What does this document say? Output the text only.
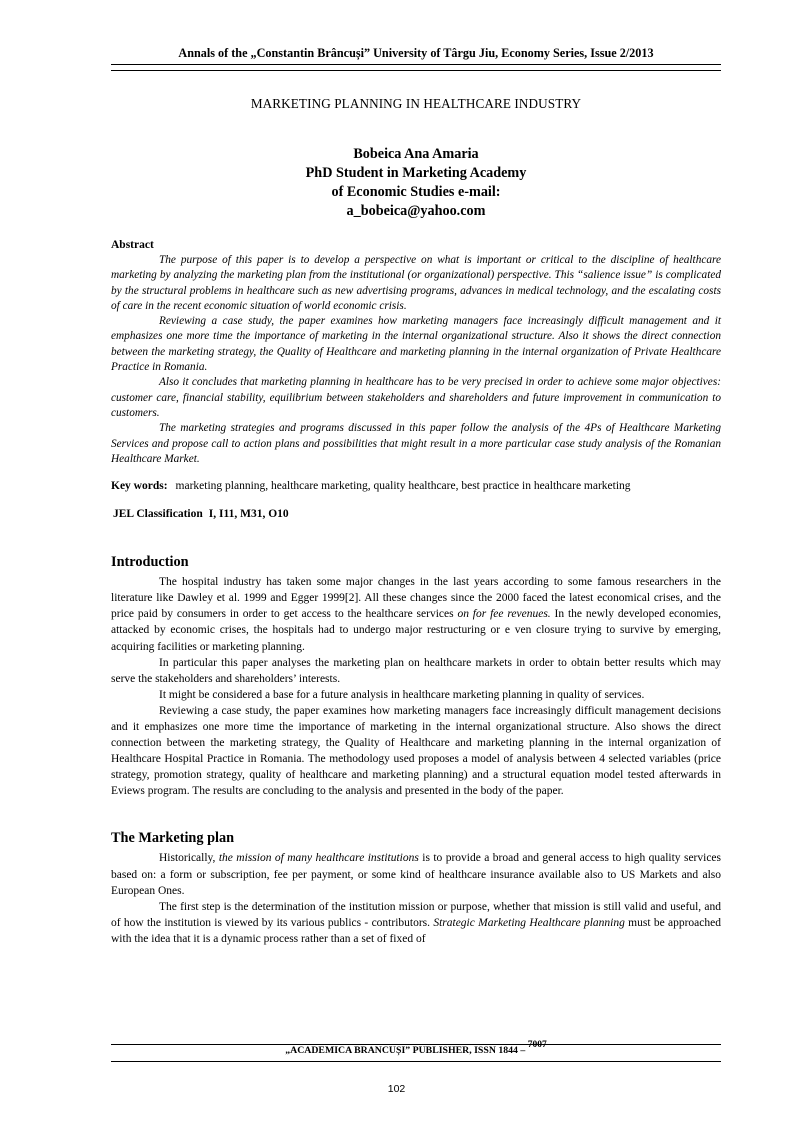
Annals of the „Constantin Brâncuși” University of Târgu Jiu, Economy Series, Issue 2/2013
MARKETING PLANNING IN HEALTHCARE INDUSTRY
Bobeica Ana Amaria
PhD Student in Marketing Academy
of Economic Studies e-mail:
a_bobeica@yahoo.com
Abstract

The purpose of this paper is to develop a perspective on what is important or critical to the discipline of healthcare marketing by analyzing the marketing plan from the institutional (or organizational) perspective. This “salience issue” is complicated by the structural problems in healthcare such as new advertising programs, advances in medical technology, and the escalating costs of care in the recent economic situation of world economic crisis.

Reviewing a case study, the paper examines how marketing managers face increasingly difficult management and it emphasizes one more time the importance of marketing in the internal organizational structure. Also it shows the direct connection between the marketing strategy, the Quality of Healthcare and marketing planning in the internal organization of Private Healthcare Practice in Romania.

Also it concludes that marketing planning in healthcare has to be very precised in order to achieve some major objectives: customer care, financial stability, equilibrium between stakeholders and shareholders and future improvement in communication to customers.

The marketing strategies and programs discussed in this paper follow the analysis of the 4Ps of Healthcare Marketing Services and propose call to action plans and possibilities that might result in a more particular case study analysis of the Romanian Healthcare Market.

Key words: marketing planning, healthcare marketing, quality healthcare, best practice in healthcare marketing
JEL Classification I, I11, M31, O10
Introduction

The hospital industry has taken some major changes in the last years according to some famous researchers in the literature like Dawley et al. 1999 and Egger 1999[2]. All these changes since the 2000 faced the latest economical crises, and the price paid by consumers in order to get access to the healthcare services on for fee revenues. In the newly developed economies, attacked by economic crises, the hospitals had to undergo major restructuring or e ven closure trying to survive by emerging, acquiring facilities or marketing planning.

In particular this paper analyses the marketing plan on healthcare markets in order to obtain better results which may serve the stakeholders and shareholders’ interests.

It might be considered a base for a future analysis in healthcare marketing planning in quality of services.

Reviewing a case study, the paper examines how marketing managers face increasingly difficult management decisions and it emphasizes one more time the importance of marketing in the internal organizational structure. Also shows the direct connection between the marketing strategy, the Quality of Healthcare and marketing planning in the internal organization of Healthcare Hospital Practice in Romania. The methodology used proposes a model of analysis between 4 selected variables (price strategy, promotion strategy, quality of healthcare and marketing planning) and a structural equation model tested afterwards in Eviews program. The results are concluding to the analysis and presented in the body of the paper.

The Marketing plan

Historically, the mission of many healthcare institutions is to provide a broad and general access to high quality services based on: a form or subscription, fee per payment, or some kind of healthcare insurance available also to US Markets and also European Ones.

The first step is the determination of the institution mission or purpose, whether that mission is still valid and useful, and of how the institution is viewed by its various publics - contributors. Strategic Marketing Healthcare planning must be approached with the idea that it is a dynamic process rather than a set of fixed of

„ACADEMICA BRANCUȘI” PUBLISHER, ISSN 1844 – 7007
102
